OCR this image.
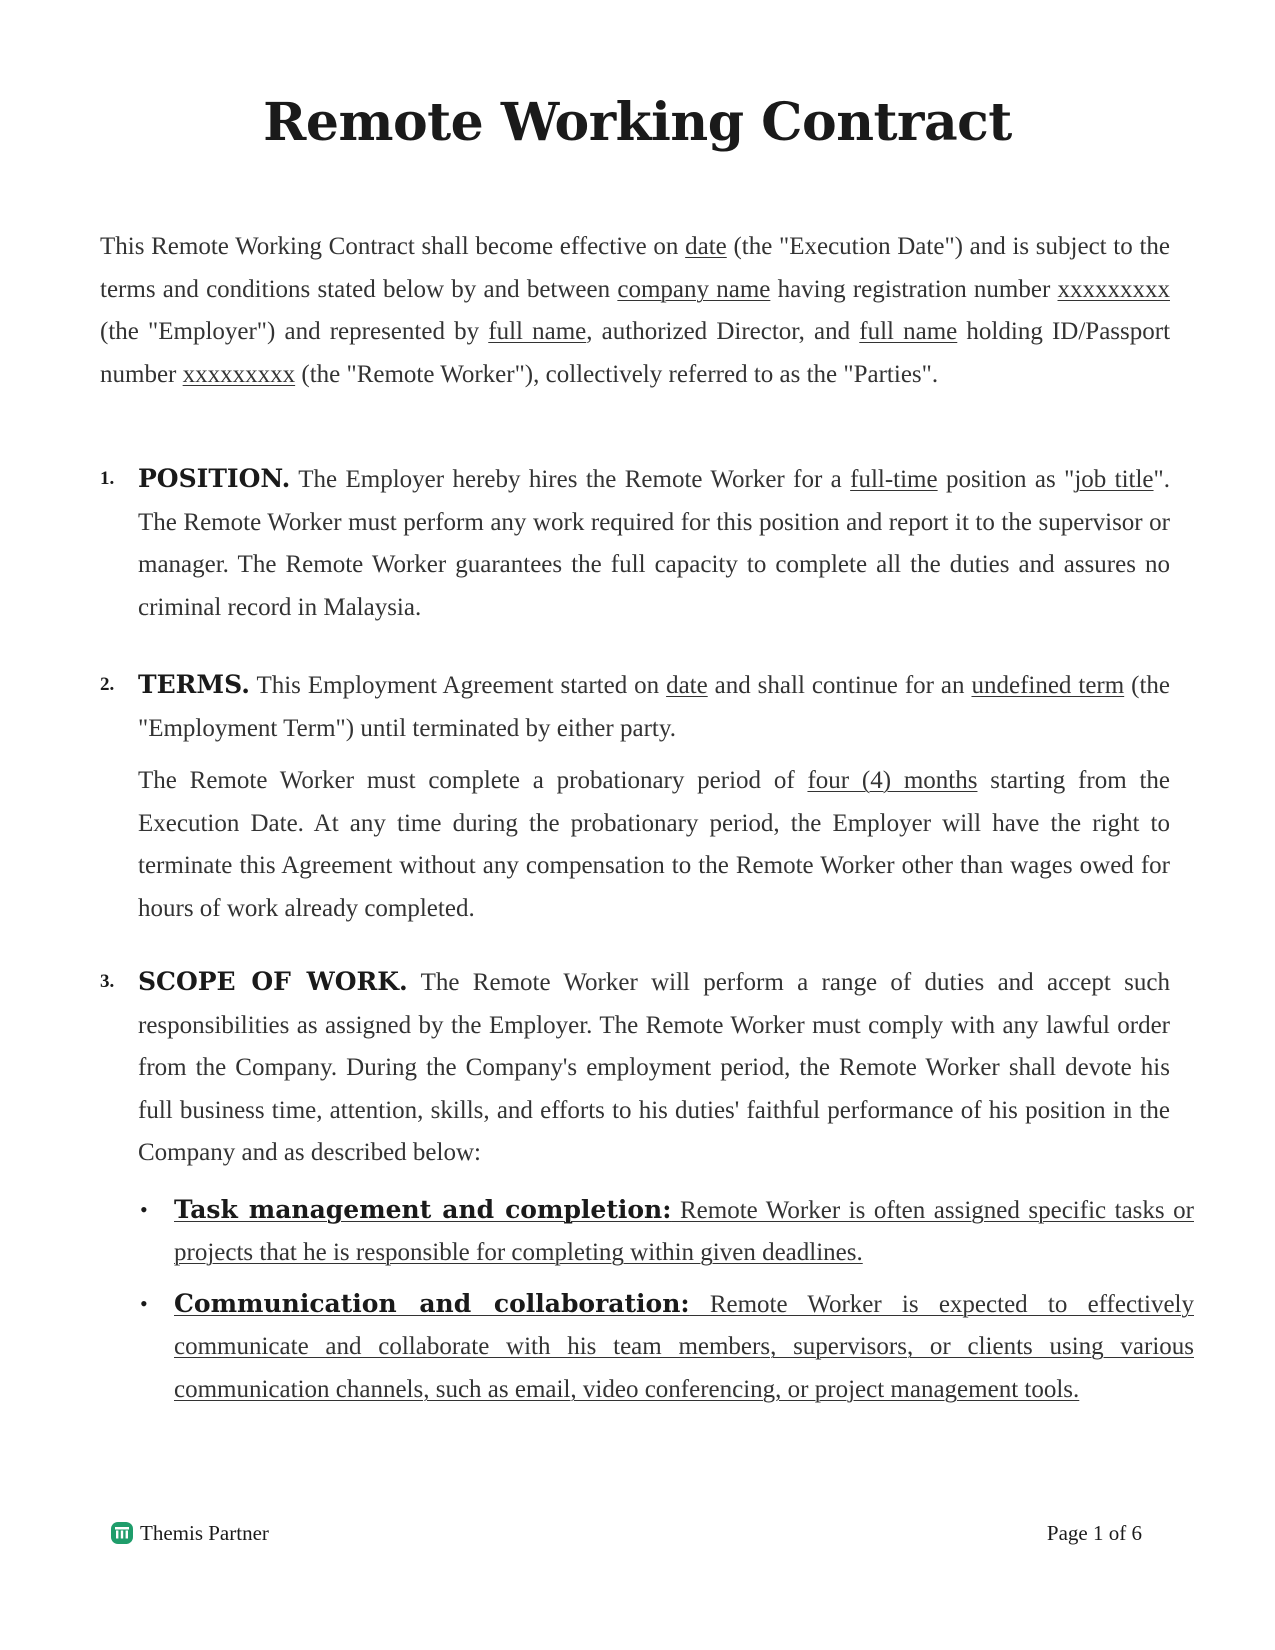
Remote Working Contract

This Remote Working Contract shall become effective on date (the "Execution Date") and is subject to the terms and conditions stated below by and between company name having registration number xxxxxxxxx (the "Employer") and represented by full name, authorized Director, and full name holding ID/Passport number xxxxxxxxx (the "Remote Worker"), collectively referred to as the "Parties".

1. POSITION. The Employer hereby hires the Remote Worker for a full-time position as "job title". The Remote Worker must perform any work required for this position and report it to the supervisor or manager. The Remote Worker guarantees the full capacity to complete all the duties and assures no criminal record in Malaysia.
2. TERMS. This Employment Agreement started on date and shall continue for an undefined term (the "Employment Term") until terminated by either party.
The Remote Worker must complete a probationary period of four (4) months starting from the Execution Date. At any time during the probationary period, the Employer will have the right to terminate this Agreement without any compensation to the Remote Worker other than wages owed for hours of work already completed.
3. SCOPE OF WORK. The Remote Worker will perform a range of duties and accept such responsibilities as assigned by the Employer. The Remote Worker must comply with any lawful order from the Company. During the Company's employment period, the Remote Worker shall devote his full business time, attention, skills, and efforts to his duties' faithful performance of his position in the Company and as described below:
• Task management and completion: Remote Worker is often assigned specific tasks or projects that he is responsible for completing within given deadlines.
• Communication and collaboration: Remote Worker is expected to effectively communicate and collaborate with his team members, supervisors, or clients using various communication channels, such as email, video conferencing, or project management tools.
Themis Partner	Page 1 of 6
